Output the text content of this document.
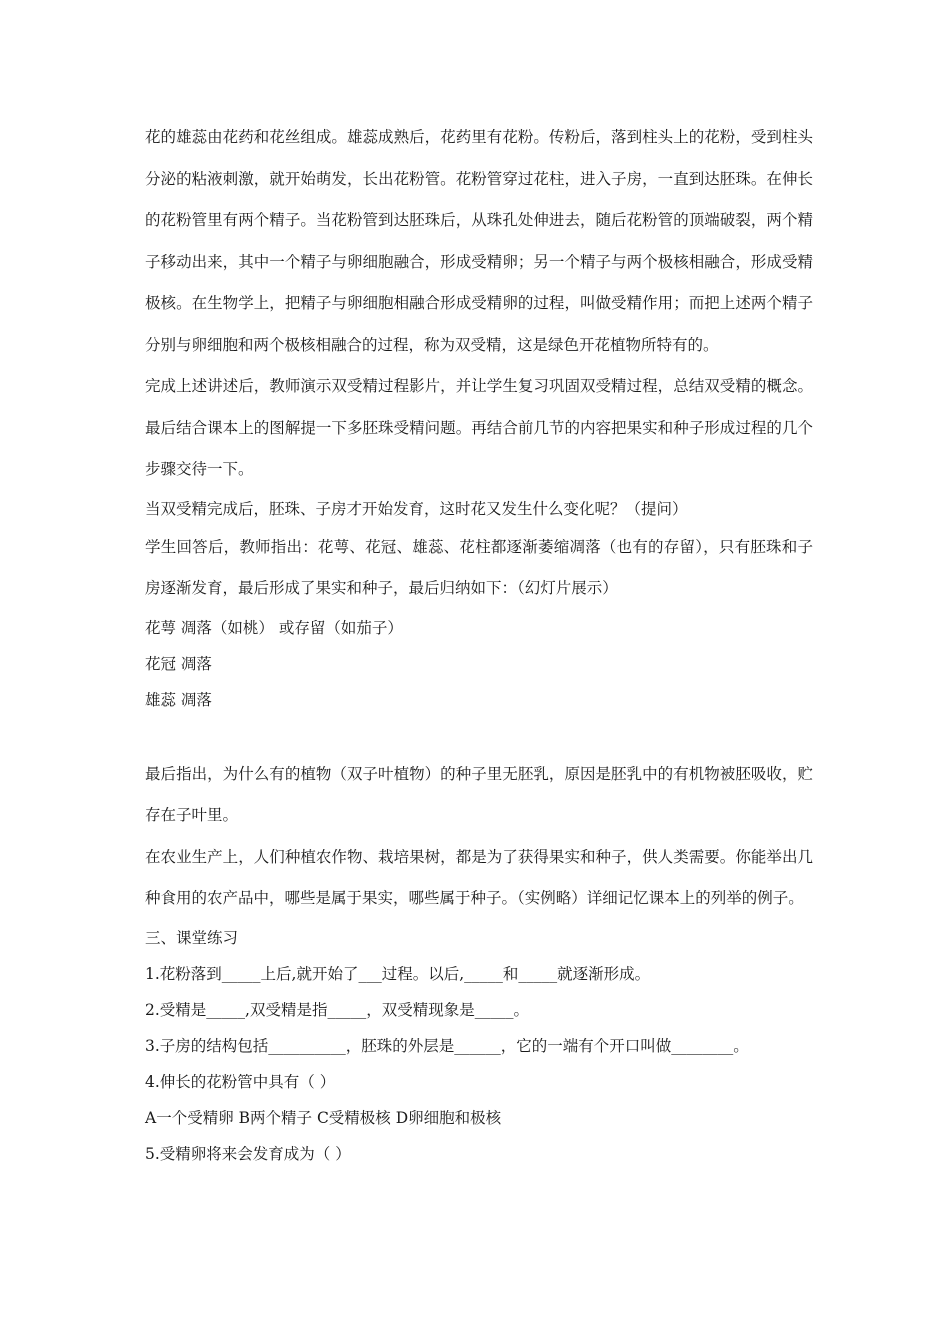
花的雄蕊由花药和花丝组成。雄蕊成熟后，花药里有花粉。传粉后，落到柱头上的花粉，受到柱头分泌的粘液刺激，就开始萌发，长出花粉管。花粉管穿过花柱，进入子房，一直到达胚珠。在伸长的花粉管里有两个精子。当花粉管到达胚珠后，从珠孔处伸进去，随后花粉管的顶端破裂，两个精子移动出来，其中一个精子与卵细胞融合，形成受精卵；另一个精子与两个极核相融合，形成受精极核。在生物学上，把精子与卵细胞相融合形成受精卵的过程，叫做受精作用；而把上述两个精子分别与卵细胞和两个极核相融合的过程，称为双受精，这是绿色开花植物所特有的。

完成上述讲述后，教师演示双受精过程影片，并让学生复习巩固双受精过程，总结双受精的概念。最后结合课本上的图解提一下多胚珠受精问题。再结合前几节的内容把果实和种子形成过程的几个步骤交待一下。

当双受精完成后，胚珠、子房才开始发育，这时花又发生什么变化呢？（提问）

学生回答后，教师指出：花萼、花冠、雄蕊、花柱都逐渐萎缩凋落（也有的存留），只有胚珠和子房逐渐发育，最后形成了果实和种子，最后归纳如下：（幻灯片展示）

花萼 凋落（如桃） 或存留（如茄子）

花冠 凋落

雄蕊 凋落

最后指出，为什么有的植物（双子叶植物）的种子里无胚乳，原因是胚乳中的有机物被胚吸收，贮存在子叶里。

在农业生产上，人们种植农作物、栽培果树，都是为了获得果实和种子，供人类需要。你能举出几种食用的农产品中，哪些是属于果实，哪些属于种子。（实例略）详细记忆课本上的列举的例子。

三、课堂练习

1.花粉落到_____上后,就开始了___过程。以后,_____和_____就逐渐形成。

2.受精是_____,双受精是指_____，双受精现象是_____。

3.子房的结构包括__________，胚珠的外层是______，它的一端有个开口叫做________。

4.伸长的花粉管中具有（ ）

A一个受精卵 B两个精子 C受精极核 D卵细胞和极核

5.受精卵将来会发育成为（ ）
